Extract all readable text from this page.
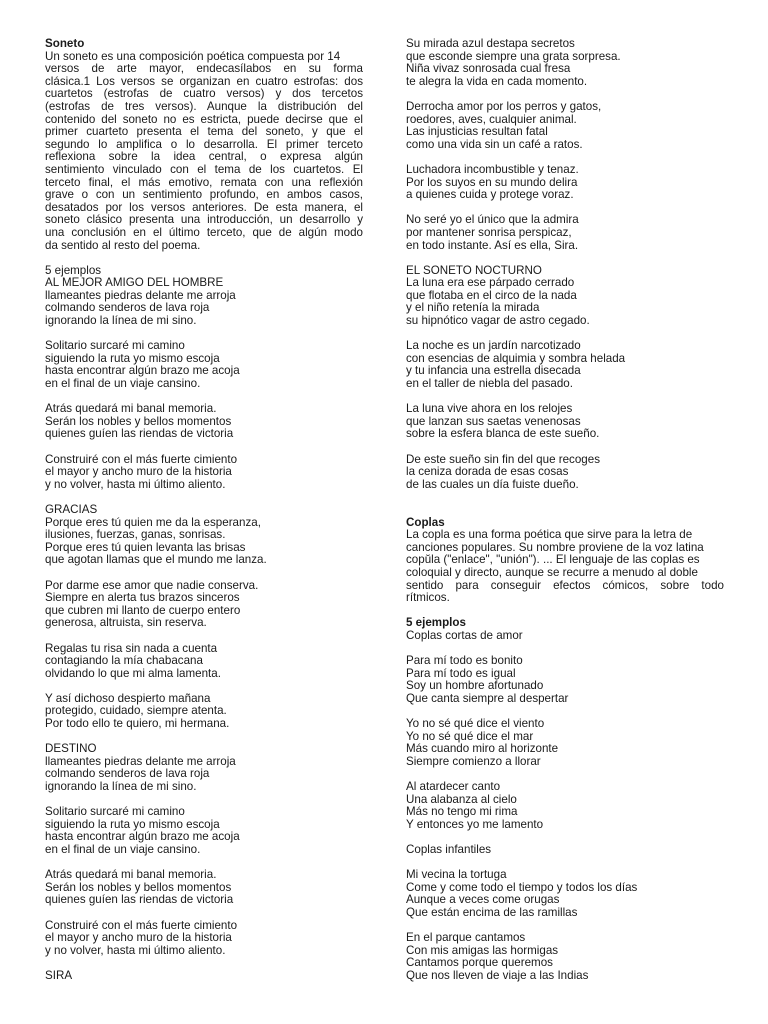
Soneto
Un soneto es una composición poética compuesta por 14
versos de arte mayor, endecasílabos en su forma
clásica.1 Los versos se organizan en cuatro estrofas: dos
cuartetos (estrofas de cuatro versos) y dos tercetos
(estrofas de tres versos). Aunque la distribución del
contenido del soneto no es estricta, puede decirse que el
primer cuarteto presenta el tema del soneto, y que el
segundo lo amplifica o lo desarrolla. El primer terceto
reflexiona sobre la idea central, o expresa algún
sentimiento vinculado con el tema de los cuartetos. El
terceto final, el más emotivo, remata con una reflexión
grave o con un sentimiento profundo, en ambos casos,
desatados por los versos anteriores. De esta manera, el
soneto clásico presenta una introducción, un desarrollo y
una conclusión en el último terceto, que de algún modo
da sentido al resto del poema.
5 ejemplos
AL MEJOR AMIGO DEL HOMBRE
llameantes piedras delante me arroja
colmando senderos de lava roja
ignorando la línea de mi sino.
Solitario surcaré mi camino
siguiendo la ruta yo mismo escoja
hasta encontrar algún brazo me acoja
en el final de un viaje cansino.
Atrás quedará mi banal memoria.
Serán los nobles y bellos momentos
quienes guíen las riendas de victoria
Construiré con el más fuerte cimiento
el mayor y ancho muro de la historia
y no volver, hasta mi último aliento.
GRACIAS
Porque eres tú quien me da la esperanza,
ilusiones, fuerzas, ganas, sonrisas.
Porque eres tú quien levanta las brisas
que agotan llamas que el mundo me lanza.
Por darme ese amor que nadie conserva.
Siempre en alerta tus brazos sinceros
que cubren mi llanto de cuerpo entero
generosa, altruista, sin reserva.
Regalas tu risa sin nada a cuenta
contagiando la mía chabacana
olvidando lo que mi alma lamenta.
Y así dichoso despierto mañana
protegido, cuidado, siempre atenta.
Por todo ello te quiero, mi hermana.
DESTINO
llameantes piedras delante me arroja
colmando senderos de lava roja
ignorando la línea de mi sino.
Solitario surcaré mi camino
siguiendo la ruta yo mismo escoja
hasta encontrar algún brazo me acoja
en el final de un viaje cansino.
Atrás quedará mi banal memoria.
Serán los nobles y bellos momentos
quienes guíen las riendas de victoria
Construiré con el más fuerte cimiento
el mayor y ancho muro de la historia
y no volver, hasta mi último aliento.
SIRA
Su mirada azul destapa secretos
que esconde siempre una grata sorpresa.
Niña vivaz sonrosada cual fresa
te alegra la vida en cada momento.
Derrocha amor por los perros y gatos,
roedores, aves, cualquier animal.
Las injusticias resultan fatal
como una vida sin un café a ratos.
Luchadora incombustible y tenaz.
Por los suyos en su mundo delira
a quienes cuida y protege voraz.
No seré yo el único que la admira
por mantener sonrisa perspicaz,
en todo instante. Así es ella, Sira.
EL SONETO NOCTURNO
La luna era ese párpado cerrado
que flotaba en el circo de la nada
y el niño retenía la mirada
su hipnótico vagar de astro cegado.
La noche es un jardín narcotizado
con esencias de alquimia y sombra helada
y tu infancia una estrella disecada
en el taller de niebla del pasado.
La luna vive ahora en los relojes
que lanzan sus saetas venenosas
sobre la esfera blanca de este sueño.
De este sueño sin fin del que recoges
la ceniza dorada de esas cosas
de las cuales un día fuiste dueño.
Coplas
La copla es una forma poética que sirve para la letra de
canciones populares. Su nombre proviene de la voz latina
copŭla ("enlace", "unión"). ... El lenguaje de las coplas es
coloquial y directo, aunque se recurre a menudo al doble
sentido para conseguir efectos cómicos, sobre todo
rítmicos.
5 ejemplos
Coplas cortas de amor
Para mí todo es bonito
Para mí todo es igual
Soy un hombre afortunado
Que canta siempre al despertar
Yo no sé qué dice el viento
Yo no sé qué dice el mar
Más cuando miro al horizonte
Siempre comienzo a llorar
Al atardecer canto
Una alabanza al cielo
Más no tengo mi rima
Y entonces yo me lamento
Coplas infantiles
Mi vecina la tortuga
Come y come todo el tiempo y todos los días
Aunque a veces come orugas
Que están encima de las ramillas
En el parque cantamos
Con mis amigas las hormigas
Cantamos porque queremos
Que nos lleven de viaje a las Indias
